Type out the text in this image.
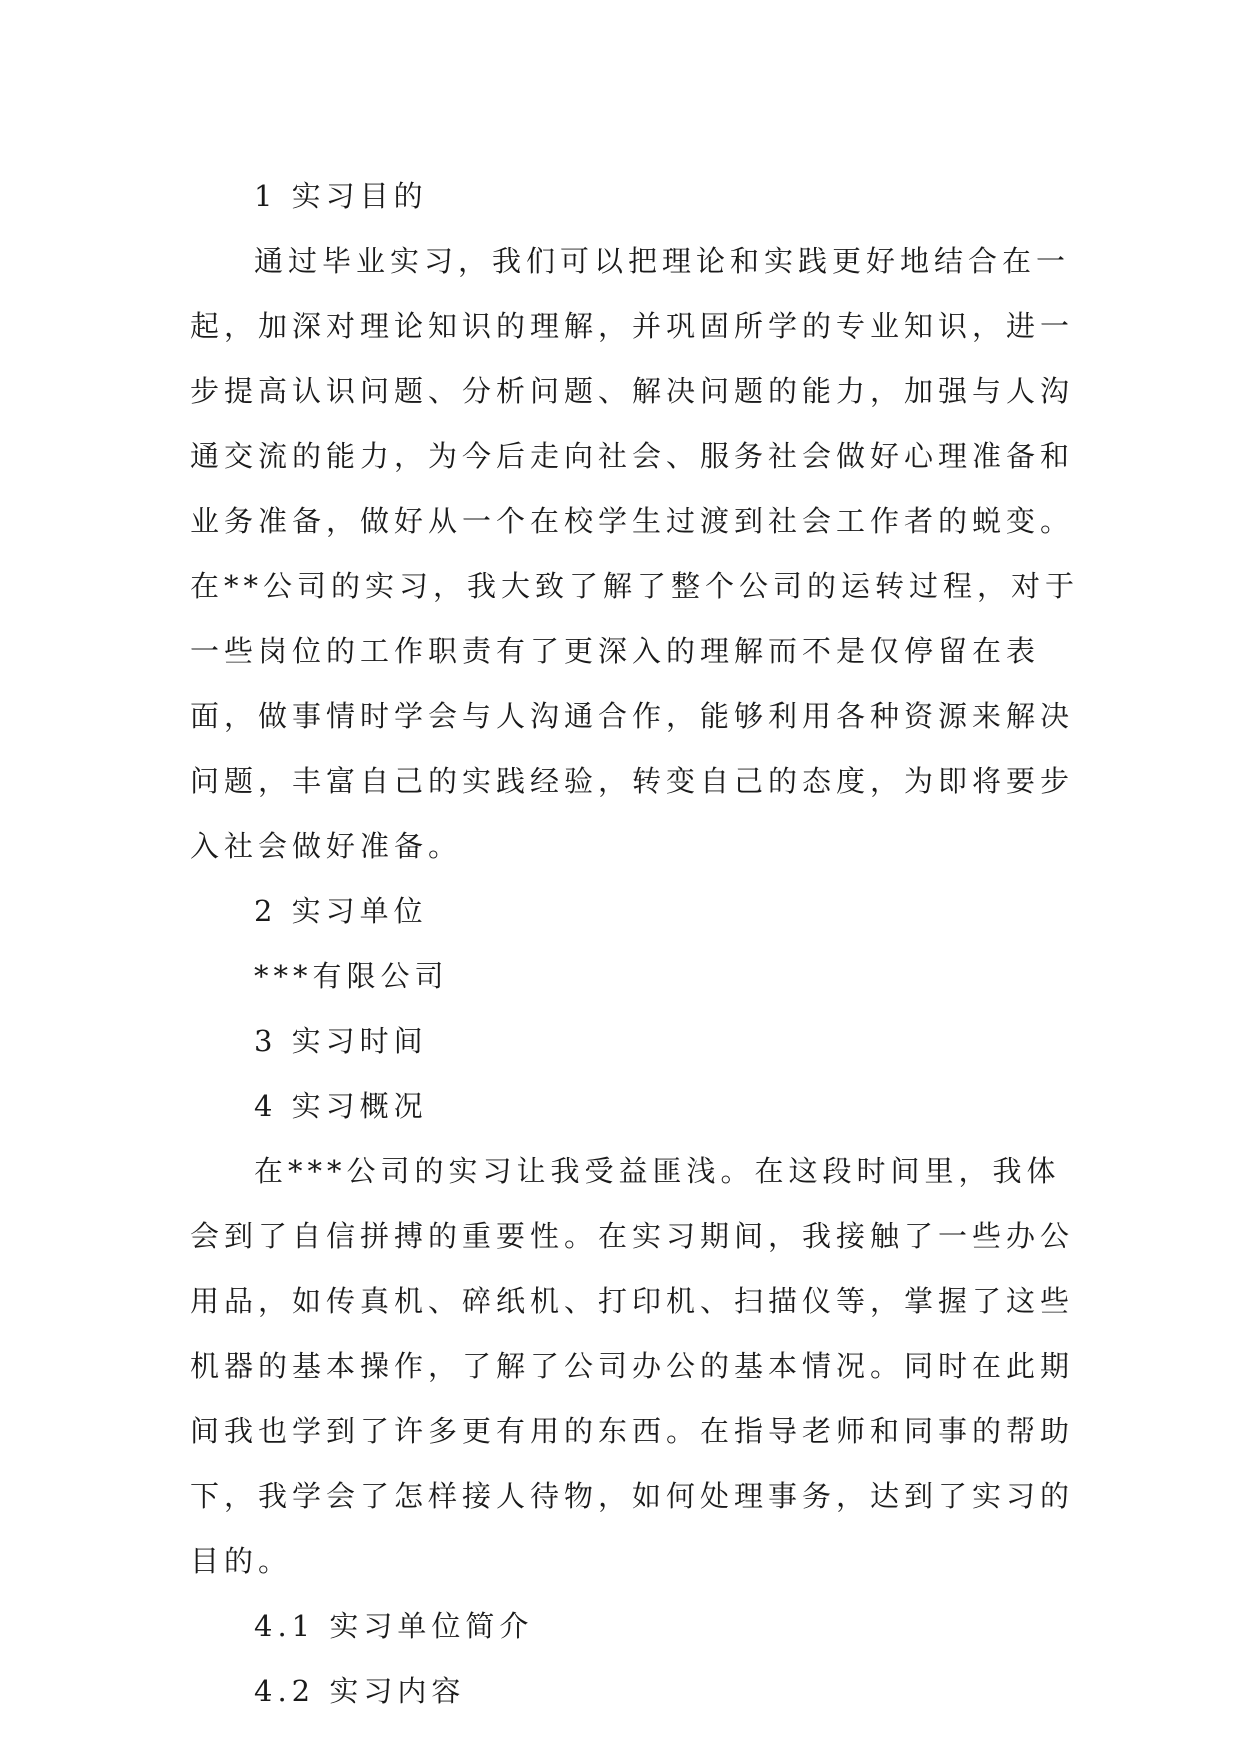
1 实习目的
通过毕业实习，我们可以把理论和实践更好地结合在一
起，加深对理论知识的理解，并巩固所学的专业知识，进一
步提高认识问题、分析问题、解决问题的能力，加强与人沟
通交流的能力，为今后走向社会、服务社会做好心理准备和
业务准备，做好从一个在校学生过渡到社会工作者的蜕变。
在**公司的实习，我大致了解了整个公司的运转过程，对于
一些岗位的工作职责有了更深入的理解而不是仅停留在表
面，做事情时学会与人沟通合作，能够利用各种资源来解决
问题，丰富自己的实践经验，转变自己的态度，为即将要步
入社会做好准备。
2 实习单位
***有限公司
3 实习时间
4 实习概况
在***公司的实习让我受益匪浅。在这段时间里，我体
会到了自信拼搏的重要性。在实习期间，我接触了一些办公
用品，如传真机、碎纸机、打印机、扫描仪等，掌握了这些
机器的基本操作，了解了公司办公的基本情况。同时在此期
间我也学到了许多更有用的东西。在指导老师和同事的帮助
下，我学会了怎样接人待物，如何处理事务，达到了实习的
目的。
4.1 实习单位简介
4.2 实习内容
